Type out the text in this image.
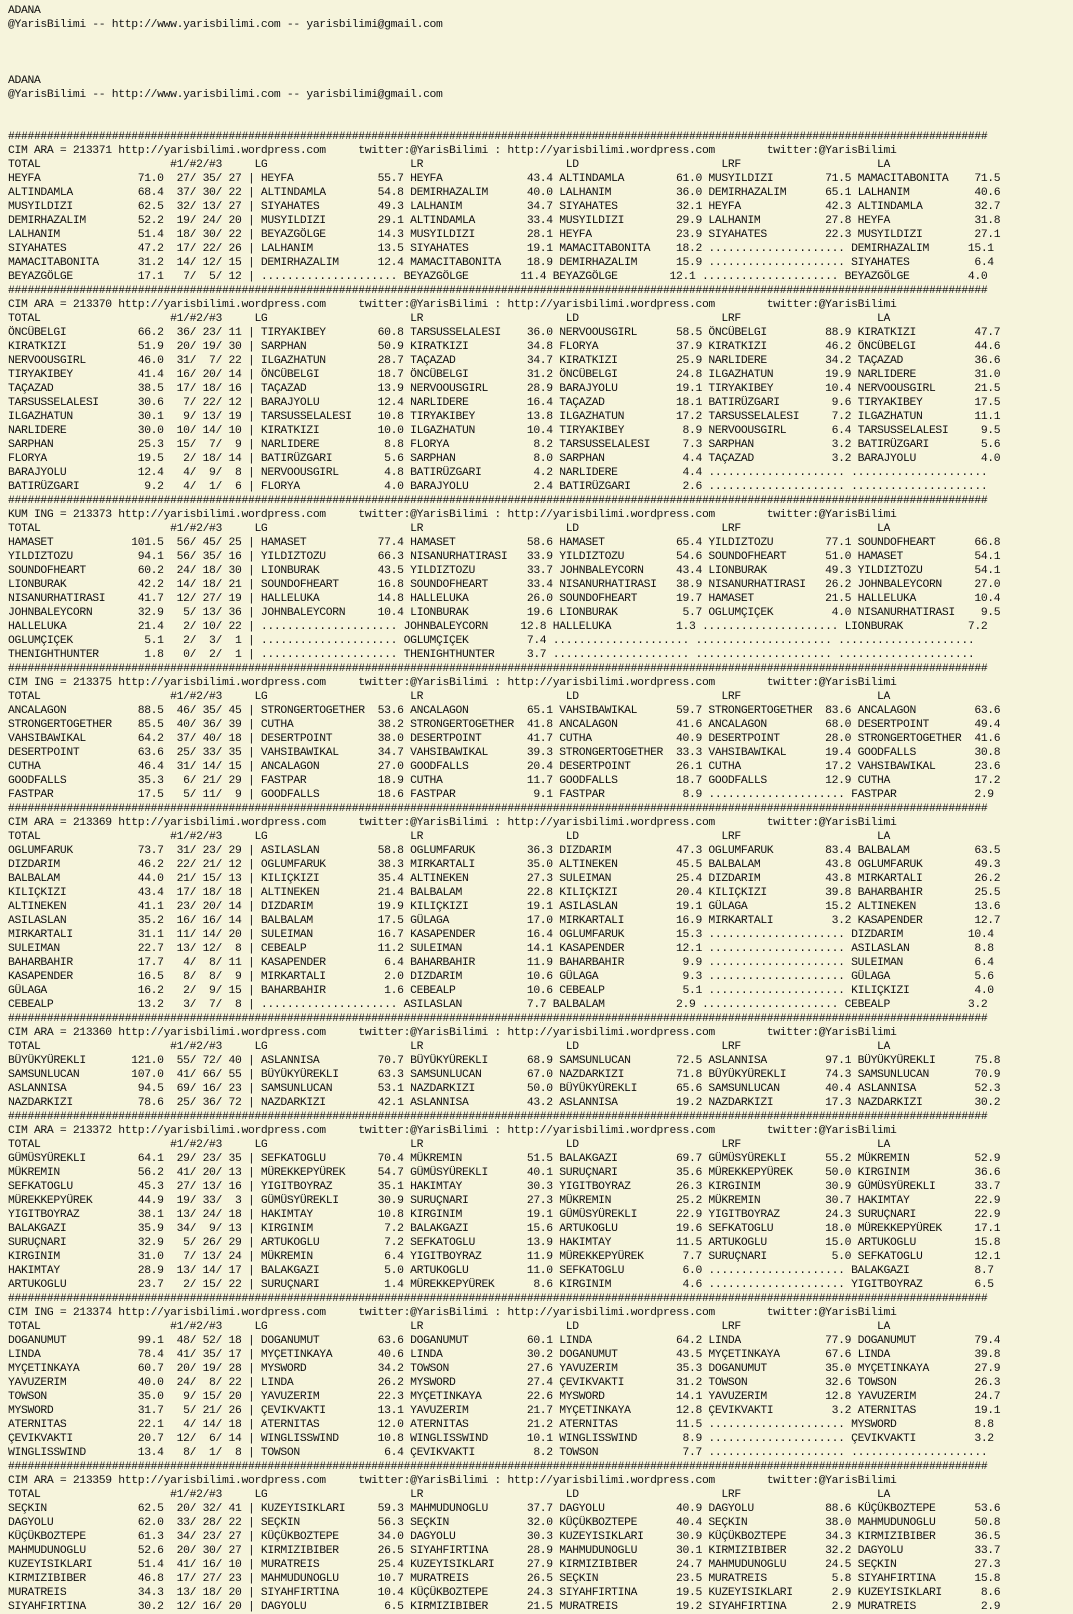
ADANA
@YarisBilimi -- http://www.yarisbilimi.com -- yarisbilimi@gmail.com
ADANA
@YarisBilimi -- http://www.yarisbilimi.com -- yarisbilimi@gmail.com
#######################################################################################################################################################
CIM ARA = 213371 http://yarisbilimi.wordpress.com     twitter:@YarisBilimi : http://yarisbilimi.wordpress.com        twitter:@YarisBilimi
TOTAL                    #1/#2/#3     LG                      LR                      LD                      LRF                     LA
HEYFA               71.0  27/ 35/ 27 | HEYFA             55.7 HEYFA             43.4 ALTINDAMLA        61.0 MUSYILDIZI        71.5 MAMACITABONITA    71.5
ALTINDAMLA          68.4  37/ 30/ 22 | ALTINDAMLA        54.8 DEMIRHAZALIM      40.0 LALHANIM          36.0 DEMIRHAZALIM      65.1 LALHANIM          40.6
MUSYILDIZI          62.5  32/ 13/ 27 | SIYAHATES         49.3 LALHANIM          34.7 SIYAHATES         32.1 HEYFA             42.3 ALTINDAMLA        32.7
DEMIRHAZALIM        52.2  19/ 24/ 20 | MUSYILDIZI        29.1 ALTINDAMLA        33.4 MUSYILDIZI        29.9 LALHANIM          27.8 HEYFA             31.8
LALHANIM            51.4  18/ 30/ 22 | BEYAZGÖLGE        14.3 MUSYILDIZI        28.1 HEYFA             23.9 SIYAHATES         22.3 MUSYILDIZI        27.1
SIYAHATES           47.2  17/ 22/ 26 | LALHANIM          13.5 SIYAHATES         19.1 MAMACITABONITA    18.2 ..................... DEMIRHAZALIM      15.1
MAMACITABONITA      31.2  14/ 12/ 15 | DEMIRHAZALIM      12.4 MAMACITABONITA    18.9 DEMIRHAZALIM      15.9 ..................... SIYAHATES          6.4
BEYAZGÖLGE          17.1   7/  5/ 12 | ..................... BEYAZGÖLGE        11.4 BEYAZGÖLGE        12.1 ..................... BEYAZGÖLGE         4.0
#######################################################################################################################################################
CIM ARA = 213370 http://yarisbilimi.wordpress.com     twitter:@YarisBilimi : http://yarisbilimi.wordpress.com        twitter:@YarisBilimi
TOTAL                    #1/#2/#3     LG                      LR                      LD                      LRF                     LA
ÖNCÜBELGI           66.2  36/ 23/ 11 | TIRYAKIBEY        60.8 TARSUSSELALESI    36.0 NERVOOUSGIRL      58.5 ÖNCÜBELGI         88.9 KIRATKIZI         47.7
KIRATKIZI           51.9  20/ 19/ 30 | SARPHAN           50.9 KIRATKIZI         34.8 FLORYA            37.9 KIRATKIZI         46.2 ÖNCÜBELGI         44.6
NERVOOUSGIRL        46.0  31/  7/ 22 | ILGAZHATUN        28.7 TAÇAZAD           34.7 KIRATKIZI         25.9 NARLIDERE         34.2 TAÇAZAD           36.6
TIRYAKIBEY          41.4  16/ 20/ 14 | ÖNCÜBELGI         18.7 ÖNCÜBELGI         31.2 ÖNCÜBELGI         24.8 ILGAZHATUN        19.9 NARLIDERE         31.0
TAÇAZAD             38.5  17/ 18/ 16 | TAÇAZAD           13.9 NERVOOUSGIRL      28.9 BARAJYOLU         19.1 TIRYAKIBEY        10.4 NERVOOUSGIRL      21.5
TARSUSSELALESI      30.6   7/ 22/ 12 | BARAJYOLU         12.4 NARLIDERE         16.4 TAÇAZAD           18.1 BATIRÜZGARI        9.6 TIRYAKIBEY        17.5
ILGAZHATUN          30.1   9/ 13/ 19 | TARSUSSELALESI    10.8 TIRYAKIBEY        13.8 ILGAZHATUN        17.2 TARSUSSELALESI     7.2 ILGAZHATUN        11.1
NARLIDERE           30.0  10/ 14/ 10 | KIRATKIZI         10.0 ILGAZHATUN        10.4 TIRYAKIBEY         8.9 NERVOOUSGIRL       6.4 TARSUSSELALESI     9.5
SARPHAN             25.3  15/  7/  9 | NARLIDERE          8.8 FLORYA             8.2 TARSUSSELALESI     7.3 SARPHAN            3.2 BATIRÜZGARI        5.6
FLORYA              19.5   2/ 18/ 14 | BATIRÜZGARI        5.6 SARPHAN            8.0 SARPHAN            4.4 TAÇAZAD            3.2 BARAJYOLU          4.0
BARAJYOLU           12.4   4/  9/  8 | NERVOOUSGIRL       4.8 BATIRÜZGARI        4.2 NARLIDERE          4.4 ..................... .....................
BATIRÜZGARI          9.2   4/  1/  6 | FLORYA             4.0 BARAJYOLU          2.4 BATIRÜZGARI        2.6 ..................... .....................
#######################################################################################################################################################
KUM ING = 213373 http://yarisbilimi.wordpress.com     twitter:@YarisBilimi : http://yarisbilimi.wordpress.com        twitter:@YarisBilimi
TOTAL                    #1/#2/#3     LG                      LR                      LD                      LRF                     LA
HAMASET            101.5  56/ 45/ 25 | HAMASET           77.4 HAMASET           58.6 HAMASET           65.4 YILDIZTOZU        77.1 SOUNDOFHEART      66.8
YILDIZTOZU          94.1  56/ 35/ 16 | YILDIZTOZU        66.3 NISANURHATIRASI   33.9 YILDIZTOZU        54.6 SOUNDOFHEART      51.0 HAMASET           54.1
SOUNDOFHEART        60.2  24/ 18/ 30 | LIONBURAK         43.5 YILDIZTOZU        33.7 JOHNBALEYCORN     43.4 LIONBURAK         49.3 YILDIZTOZU        54.1
LIONBURAK           42.2  14/ 18/ 21 | SOUNDOFHEART      16.8 SOUNDOFHEART      33.4 NISANURHATIRASI   38.9 NISANURHATIRASI   26.2 JOHNBALEYCORN     27.0
NISANURHATIRASI     41.7  12/ 27/ 19 | HALLELUKA         14.8 HALLELUKA         26.0 SOUNDOFHEART      19.7 HAMASET           21.5 HALLELUKA         10.4
JOHNBALEYCORN       32.9   5/ 13/ 36 | JOHNBALEYCORN     10.4 LIONBURAK         19.6 LIONBURAK          5.7 OGLUMÇIÇEK         4.0 NISANURHATIRASI    9.5
HALLELUKA           21.4   2/ 10/ 22 | ..................... JOHNBALEYCORN     12.8 HALLELUKA          1.3 ..................... LIONBURAK          7.2
OGLUMÇIÇEK           5.1   2/  3/  1 | ..................... OGLUMÇIÇEK         7.4 ..................... ..................... .....................
THENIGHTHUNTER       1.8   0/  2/  1 | ..................... THENIGHTHUNTER     3.7 ..................... ..................... .....................
#######################################################################################################################################################
CIM ING = 213375 http://yarisbilimi.wordpress.com     twitter:@YarisBilimi : http://yarisbilimi.wordpress.com        twitter:@YarisBilimi
TOTAL                    #1/#2/#3     LG                      LR                      LD                      LRF                     LA
ANCALAGON           88.5  46/ 35/ 45 | STRONGERTOGETHER  53.6 ANCALAGON         65.1 VAHSIBAWIKAL      59.7 STRONGERTOGETHER  83.6 ANCALAGON         63.6
STRONGERTOGETHER    85.5  40/ 36/ 39 | CUTHA             38.2 STRONGERTOGETHER  41.8 ANCALAGON         41.6 ANCALAGON         68.0 DESERTPOINT       49.4
VAHSIBAWIKAL        64.2  37/ 40/ 18 | DESERTPOINT       38.0 DESERTPOINT       41.7 CUTHA             40.9 DESERTPOINT       28.0 STRONGERTOGETHER  41.6
DESERTPOINT         63.6  25/ 33/ 35 | VAHSIBAWIKAL      34.7 VAHSIBAWIKAL      39.3 STRONGERTOGETHER  33.3 VAHSIBAWIKAL      19.4 GOODFALLS         30.8
CUTHA               46.4  31/ 14/ 15 | ANCALAGON         27.0 GOODFALLS         20.4 DESERTPOINT       26.1 CUTHA             17.2 VAHSIBAWIKAL      23.6
GOODFALLS           35.3   6/ 21/ 29 | FASTPAR           18.9 CUTHA             11.7 GOODFALLS         18.7 GOODFALLS         12.9 CUTHA             17.2
FASTPAR             17.5   5/ 11/  9 | GOODFALLS         18.6 FASTPAR            9.1 FASTPAR            8.9 ..................... FASTPAR            2.9
#######################################################################################################################################################
CIM ARA = 213369 http://yarisbilimi.wordpress.com     twitter:@YarisBilimi : http://yarisbilimi.wordpress.com        twitter:@YarisBilimi
TOTAL                    #1/#2/#3     LG                      LR                      LD                      LRF                     LA
OGLUMFARUK          73.7  31/ 23/ 29 | ASILASLAN         58.8 OGLUMFARUK        36.3 DIZDARIM          47.3 OGLUMFARUK        83.4 BALBALAM          63.5
DIZDARIM            46.2  22/ 21/ 12 | OGLUMFARUK        38.3 MIRKARTALI        35.0 ALTINEKEN         45.5 BALBALAM          43.8 OGLUMFARUK        49.3
BALBALAM            44.0  21/ 15/ 13 | KILIÇKIZI         35.4 ALTINEKEN         27.3 SULEIMAN          25.4 DIZDARIM          43.8 MIRKARTALI        26.2
KILIÇKIZI           43.4  17/ 18/ 18 | ALTINEKEN         21.4 BALBALAM          22.8 KILIÇKIZI         20.4 KILIÇKIZI         39.8 BAHARBAHIR        25.5
ALTINEKEN           41.1  23/ 20/ 14 | DIZDARIM          19.9 KILIÇKIZI         19.1 ASILASLAN         19.1 GÜLAGA            15.2 ALTINEKEN         13.6
ASILASLAN           35.2  16/ 16/ 14 | BALBALAM          17.5 GÜLAGA            17.0 MIRKARTALI        16.9 MIRKARTALI         3.2 KASAPENDER        12.7
MIRKARTALI          31.1  11/ 14/ 20 | SULEIMAN          16.7 KASAPENDER        16.4 OGLUMFARUK        15.3 ..................... DIZDARIM          10.4
SULEIMAN            22.7  13/ 12/  8 | CEBEALP           11.2 SULEIMAN          14.1 KASAPENDER        12.1 ..................... ASILASLAN          8.8
BAHARBAHIR          17.7   4/  8/ 11 | KASAPENDER         6.4 BAHARBAHIR        11.9 BAHARBAHIR         9.9 ..................... SULEIMAN           6.4
KASAPENDER          16.5   8/  8/  9 | MIRKARTALI         2.0 DIZDARIM          10.6 GÜLAGA             9.3 ..................... GÜLAGA             5.6
GÜLAGA              16.2   2/  9/ 15 | BAHARBAHIR         1.6 CEBEALP           10.6 CEBEALP            5.1 ..................... KILIÇKIZI          4.0
CEBEALP             13.2   3/  7/  8 | ..................... ASILASLAN          7.7 BALBALAM           2.9 ..................... CEBEALP            3.2
#######################################################################################################################################################
CIM ARA = 213360 http://yarisbilimi.wordpress.com     twitter:@YarisBilimi : http://yarisbilimi.wordpress.com        twitter:@YarisBilimi
TOTAL                    #1/#2/#3     LG                      LR                      LD                      LRF                     LA
BÜYÜKYÜREKLI       121.0  55/ 72/ 40 | ASLANNISA         70.7 BÜYÜKYÜREKLI      68.9 SAMSUNLUCAN       72.5 ASLANNISA         97.1 BÜYÜKYÜREKLI      75.8
SAMSUNLUCAN        107.0  41/ 66/ 55 | BÜYÜKYÜREKLI      63.3 SAMSUNLUCAN       67.0 NAZDARKIZI        71.8 BÜYÜKYÜREKLI      74.3 SAMSUNLUCAN       70.9
ASLANNISA           94.5  69/ 16/ 23 | SAMSUNLUCAN       53.1 NAZDARKIZI        50.0 BÜYÜKYÜREKLI      65.6 SAMSUNLUCAN       40.4 ASLANNISA         52.3
NAZDARKIZI          78.6  25/ 36/ 72 | NAZDARKIZI        42.1 ASLANNISA         43.2 ASLANNISA         19.2 NAZDARKIZI        17.3 NAZDARKIZI        30.2
#######################################################################################################################################################
CIM ARA = 213372 http://yarisbilimi.wordpress.com     twitter:@YarisBilimi : http://yarisbilimi.wordpress.com        twitter:@YarisBilimi
TOTAL                    #1/#2/#3     LG                      LR                      LD                      LRF                     LA
GÜMÜSYÜREKLI        64.1  29/ 23/ 35 | SEFKATOGLU        70.4 MÜKREMIN          51.5 BALAKGAZI         69.7 GÜMÜSYÜREKLI      55.2 MÜKREMIN          52.9
MÜKREMIN            56.2  41/ 20/ 13 | MÜREKKEPYÜREK     54.7 GÜMÜSYÜREKLI      40.1 SURUÇNARI         35.6 MÜREKKEPYÜREK     50.0 KIRGINIM          36.6
SEFKATOGLU          45.3  27/ 13/ 16 | YIGITBOYRAZ       35.1 HAKIMTAY          30.3 YIGITBOYRAZ       26.3 KIRGINIM          30.9 GÜMÜSYÜREKLI      33.7
MÜREKKEPYÜREK       44.9  19/ 33/  3 | GÜMÜSYÜREKLI      30.9 SURUÇNARI         27.3 MÜKREMIN          25.2 MÜKREMIN          30.7 HAKIMTAY          22.9
YIGITBOYRAZ         38.1  13/ 24/ 18 | HAKIMTAY          10.8 KIRGINIM          19.1 GÜMÜSYÜREKLI      22.9 YIGITBOYRAZ       24.3 SURUÇNARI         22.9
BALAKGAZI           35.9  34/  9/ 13 | KIRGINIM           7.2 BALAKGAZI         15.6 ARTUKOGLU         19.6 SEFKATOGLU        18.0 MÜREKKEPYÜREK     17.1
SURUÇNARI           32.9   5/ 26/ 29 | ARTUKOGLU          7.2 SEFKATOGLU        13.9 HAKIMTAY          11.5 ARTUKOGLU         15.0 ARTUKOGLU         15.8
KIRGINIM            31.0   7/ 13/ 24 | MÜKREMIN           6.4 YIGITBOYRAZ       11.9 MÜREKKEPYÜREK      7.7 SURUÇNARI          5.0 SEFKATOGLU        12.1
HAKIMTAY            28.9  13/ 14/ 17 | BALAKGAZI          5.0 ARTUKOGLU         11.0 SEFKATOGLU         6.0 ..................... BALAKGAZI          8.7
ARTUKOGLU           23.7   2/ 15/ 22 | SURUÇNARI          1.4 MÜREKKEPYÜREK      8.6 KIRGINIM           4.6 ..................... YIGITBOYRAZ        6.5
#######################################################################################################################################################
CIM ING = 213374 http://yarisbilimi.wordpress.com     twitter:@YarisBilimi : http://yarisbilimi.wordpress.com        twitter:@YarisBilimi
TOTAL                    #1/#2/#3     LG                      LR                      LD                      LRF                     LA
DOGANUMUT           99.1  48/ 52/ 18 | DOGANUMUT         63.6 DOGANUMUT         60.1 LINDA             64.2 LINDA             77.9 DOGANUMUT         79.4
LINDA               78.4  41/ 35/ 17 | MYÇETINKAYA       40.6 LINDA             30.2 DOGANUMUT         43.5 MYÇETINKAYA       67.6 LINDA             39.8
MYÇETINKAYA         60.7  20/ 19/ 28 | MYSWORD           34.2 TOWSON            27.6 YAVUZERIM         35.3 DOGANUMUT         35.0 MYÇETINKAYA       27.9
YAVUZERIM           40.0  24/  8/ 22 | LINDA             26.2 MYSWORD           27.4 ÇEVIKVAKTI        31.2 TOWSON            32.6 TOWSON            26.3
TOWSON              35.0   9/ 15/ 20 | YAVUZERIM         22.3 MYÇETINKAYA       22.6 MYSWORD           14.1 YAVUZERIM         12.8 YAVUZERIM         24.7
MYSWORD             31.7   5/ 21/ 26 | ÇEVIKVAKTI        13.1 YAVUZERIM         21.7 MYÇETINKAYA       12.8 ÇEVIKVAKTI         3.2 ATERNITAS         19.1
ATERNITAS           22.1   4/ 14/ 18 | ATERNITAS         12.0 ATERNITAS         21.2 ATERNITAS         11.5 ..................... MYSWORD            8.8
ÇEVIKVAKTI          20.7  12/  6/ 14 | WINGLISSWIND      10.8 WINGLISSWIND      10.1 WINGLISSWIND       8.9 ..................... ÇEVIKVAKTI         3.2
WINGLISSWIND        13.4   8/  1/  8 | TOWSON             6.4 ÇEVIKVAKTI         8.2 TOWSON             7.7 ..................... .....................
#######################################################################################################################################################
CIM ARA = 213359 http://yarisbilimi.wordpress.com     twitter:@YarisBilimi : http://yarisbilimi.wordpress.com        twitter:@YarisBilimi
TOTAL                    #1/#2/#3     LG                      LR                      LD                      LRF                     LA
SEÇKIN              62.5  20/ 32/ 41 | KUZEYISIKLARI     59.3 MAHMUDUNOGLU      37.7 DAGYOLU           40.9 DAGYOLU           88.6 KÜÇÜKBOZTEPE      53.6
DAGYOLU             62.0  33/ 28/ 22 | SEÇKIN            56.3 SEÇKIN            32.0 KÜÇÜKBOZTEPE      40.4 SEÇKIN            38.0 MAHMUDUNOGLU      50.8
KÜÇÜKBOZTEPE        61.3  34/ 23/ 27 | KÜÇÜKBOZTEPE      34.0 DAGYOLU           30.3 KUZEYISIKLARI     30.9 KÜÇÜKBOZTEPE      34.3 KIRMIZIBIBER      36.5
MAHMUDUNOGLU        52.6  20/ 30/ 27 | KIRMIZIBIBER      26.5 SIYAHFIRTINA      28.9 MAHMUDUNOGLU      30.1 KIRMIZIBIBER      32.2 DAGYOLU           33.7
KUZEYISIKLARI       51.4  41/ 16/ 10 | MURATREIS         25.4 KUZEYISIKLARI     27.9 KIRMIZIBIBER      24.7 MAHMUDUNOGLU      24.5 SEÇKIN            27.3
KIRMIZIBIBER        46.8  17/ 27/ 23 | MAHMUDUNOGLU      10.7 MURATREIS         26.5 SEÇKIN            23.5 MURATREIS          5.8 SIYAHFIRTINA      15.8
MURATREIS           34.3  13/ 18/ 20 | SIYAHFIRTINA      10.4 KÜÇÜKBOZTEPE      24.3 SIYAHFIRTINA      19.5 KUZEYISIKLARI      2.9 KUZEYISIKLARI      8.6
SIYAHFIRTINA        30.2  12/ 16/ 20 | DAGYOLU            6.5 KIRMIZIBIBER      21.5 MURATREIS         19.2 SIYAHFIRTINA       2.9 MURATREIS          2.9
